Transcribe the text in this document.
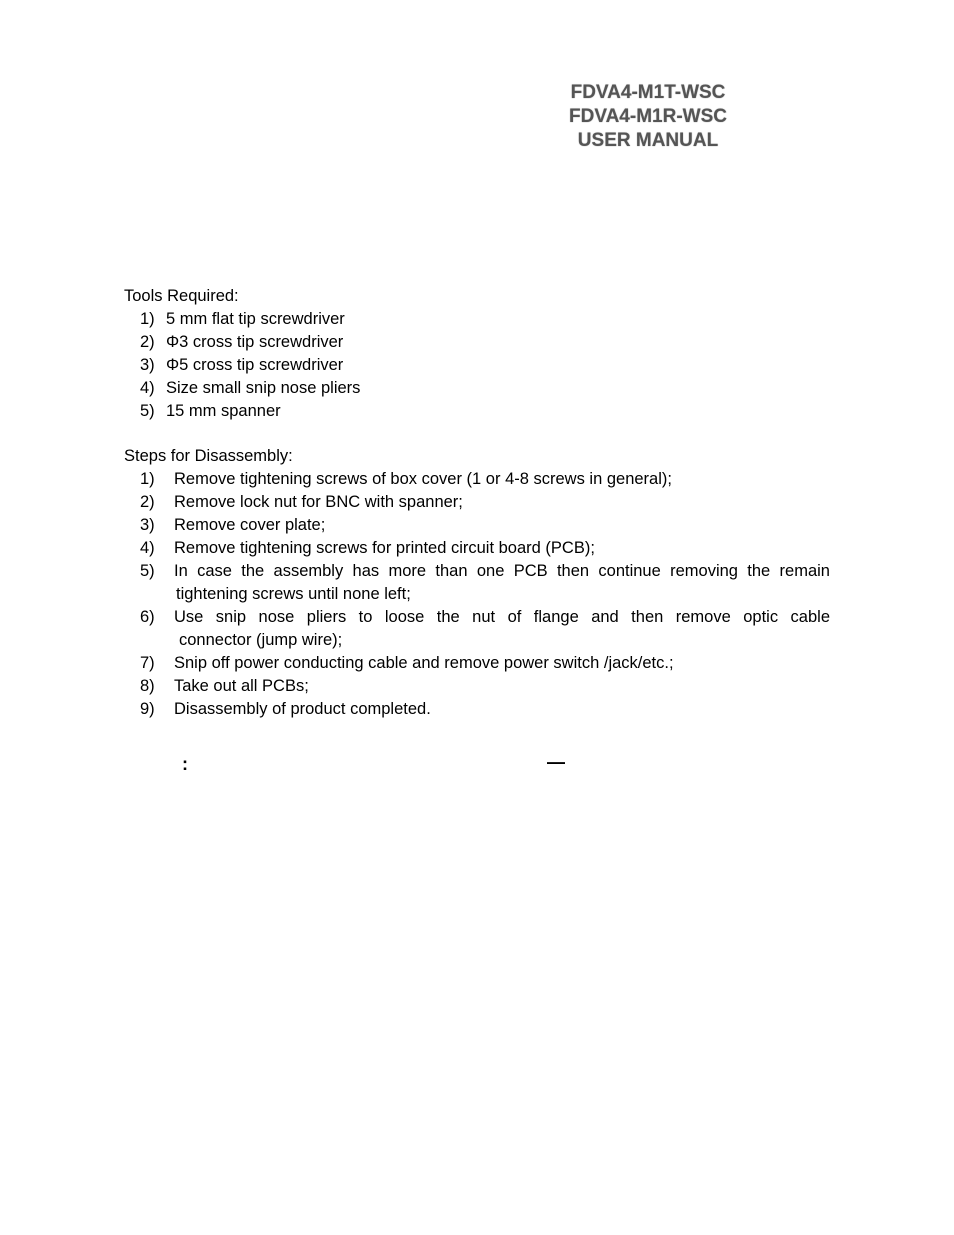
FDVA4-M1T-WSC
FDVA4-M1R-WSC
USER MANUAL
Tools Required:
1) 5 mm flat tip screwdriver
2) Φ3 cross tip screwdriver
3) Φ5 cross tip screwdriver
4) Size small snip nose pliers
5) 15 mm spanner
Steps for Disassembly:
1)	Remove tightening screws of box cover (1 or 4-8 screws in general);
2)	Remove lock nut for BNC with spanner;
3)	Remove cover plate;
4)	Remove tightening screws for printed circuit board (PCB);
5)	In case the assembly has more than one PCB then continue removing the remain
tightening screws until none left;
6)	Use snip nose pliers to loose the nut of flange and then remove optic cable
connector (jump wire);
7)	Snip off power conducting cable and remove power switch /jack/etc.;
8)	Take out all PCBs;
9)	Disassembly of product completed.
:	—
